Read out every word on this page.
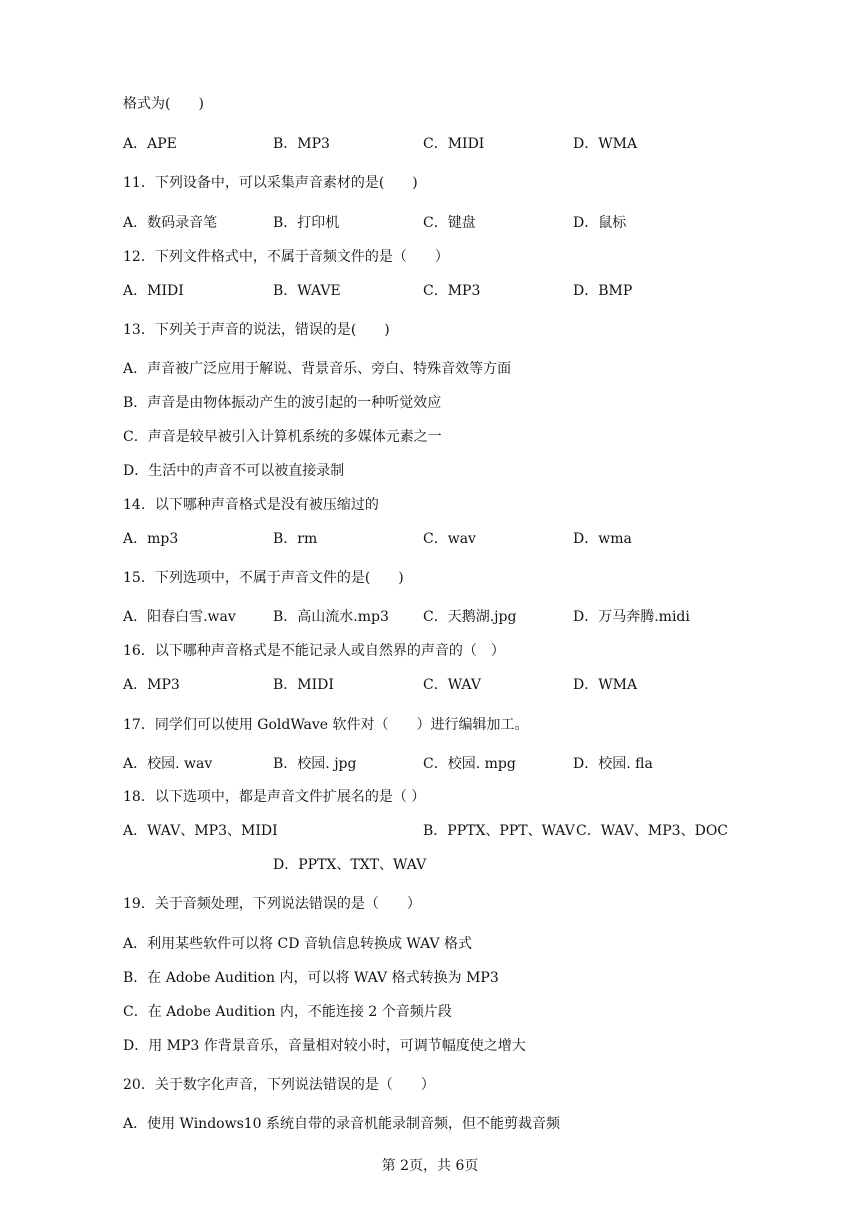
格式为(　　)
A．APE	B．MP3	C．MIDI	D．WMA
11．下列设备中，可以采集声音素材的是(　　)
A．数码录音笔	B．打印机	C．键盘	D．鼠标
12．下列文件格式中，不属于音频文件的是（　　）
A．MIDI	B．WAVE	C．MP3	D．BMP
13．下列关于声音的说法，错误的是(　　)
A．声音被广泛应用于解说、背景音乐、旁白、特殊音效等方面
B．声音是由物体振动产生的波引起的一种听觉效应
C．声音是较早被引入计算机系统的多媒体元素之一
D．生活中的声音不可以被直接录制
14．以下哪种声音格式是没有被压缩过的
A．mp3	B．rm	C．wav	D．wma
15．下列选项中，不属于声音文件的是(　　)
A．阳春白雪.wav	B．高山流水.mp3 C．天鹅湖.jpg	D．万马奔腾.midi
16．以下哪种声音格式是不能记录人或自然界的声音的（　）
A．MP3	B．MIDI	C．WAV	D．WMA
17．同学们可以使用 GoldWave 软件对（　　）进行编辑加工。
A．校园. wav	B．校园. jpg	C．校园. mpg	D．校园. fla
18．以下选项中，都是声音文件扩展名的是（ ）
A．WAV、MP3、MIDI	B．PPTX、PPT、WAV C．WAV、MP3、DOC
D．PPTX、TXT、WAV
19．关于音频处理，下列说法错误的是（　　）
A．利用某些软件可以将 CD 音轨信息转换成 WAV 格式
B．在 Adobe Audition 内，可以将 WAV 格式转换为 MP3
C．在 Adobe Audition 内，不能连接 2 个音频片段
D．用 MP3 作背景音乐，音量相对较小时，可调节幅度使之增大
20．关于数字化声音，下列说法错误的是（　　）
A．使用 Windows10 系统自带的录音机能录制音频，但不能剪裁音频
第 2页，共 6页
